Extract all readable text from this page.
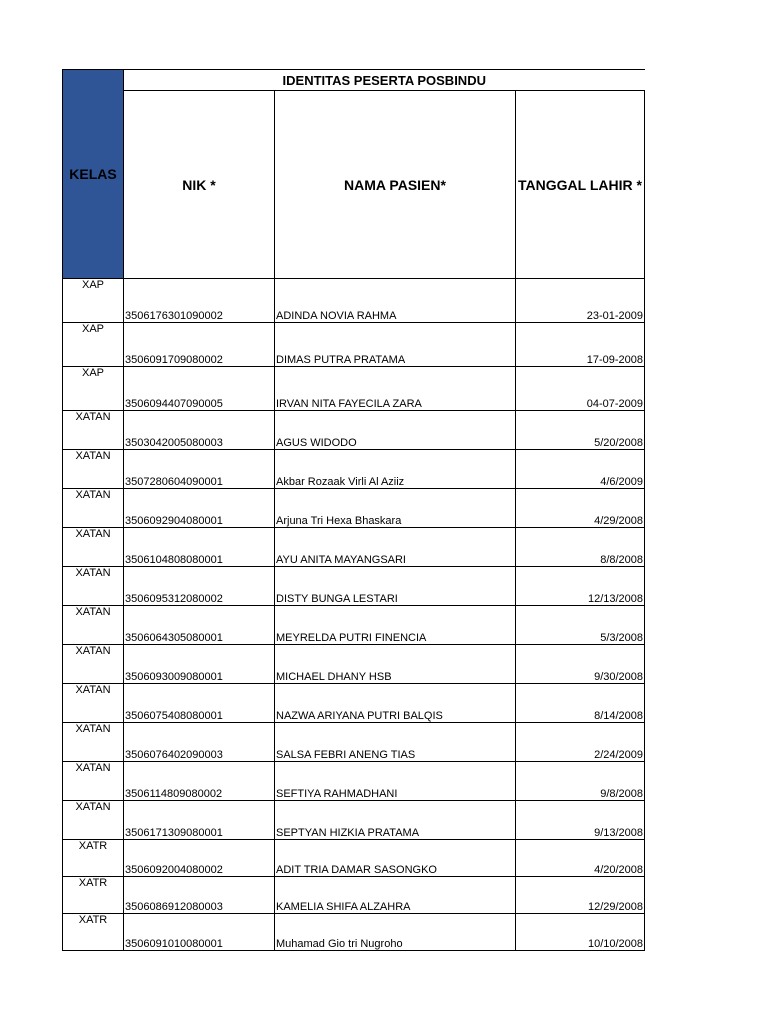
KELAS	IDENTITAS PESERTA POSBINDU		
	NIK *	NAMA PASIEN*	TANGGAL LAHIR *
XAP	3506176301090002	ADINDA NOVIA RAHMA	23-01-2009
XAP	3506091709080002	DIMAS PUTRA PRATAMA	17-09-2008
XAP	3506094407090005	IRVAN NITA FAYECILA ZARA	04-07-2009
XATAN	3503042005080003	AGUS WIDODO	5/20/2008
XATAN	3507280604090001	Akbar Rozaak Virli Al Aziiz	4/6/2009
XATAN	3506092904080001	Arjuna Tri Hexa Bhaskara	4/29/2008
XATAN	3506104808080001	AYU ANITA MAYANGSARI	8/8/2008
XATAN	3506095312080002	DISTY BUNGA LESTARI	12/13/2008
XATAN	3506064305080001	MEYRELDA PUTRI FINENCIA	5/3/2008
XATAN	3506093009080001	MICHAEL DHANY HSB	9/30/2008
XATAN	3506075408080001	NAZWA ARIYANA PUTRI BALQIS	8/14/2008
XATAN	3506076402090003	SALSA FEBRI ANENG TIAS	2/24/2009
XATAN	3506114809080002	SEFTIYA RAHMADHANI	9/8/2008
XATAN	3506171309080001	SEPTYAN HIZKIA PRATAMA	9/13/2008
XATR	3506092004080002	ADIT TRIA DAMAR SASONGKO	4/20/2008
XATR	3506086912080003	KAMELIA SHIFA ALZAHRA	12/29/2008
XATR	3506091010080001	Muhamad Gio tri Nugroho	10/10/2008
